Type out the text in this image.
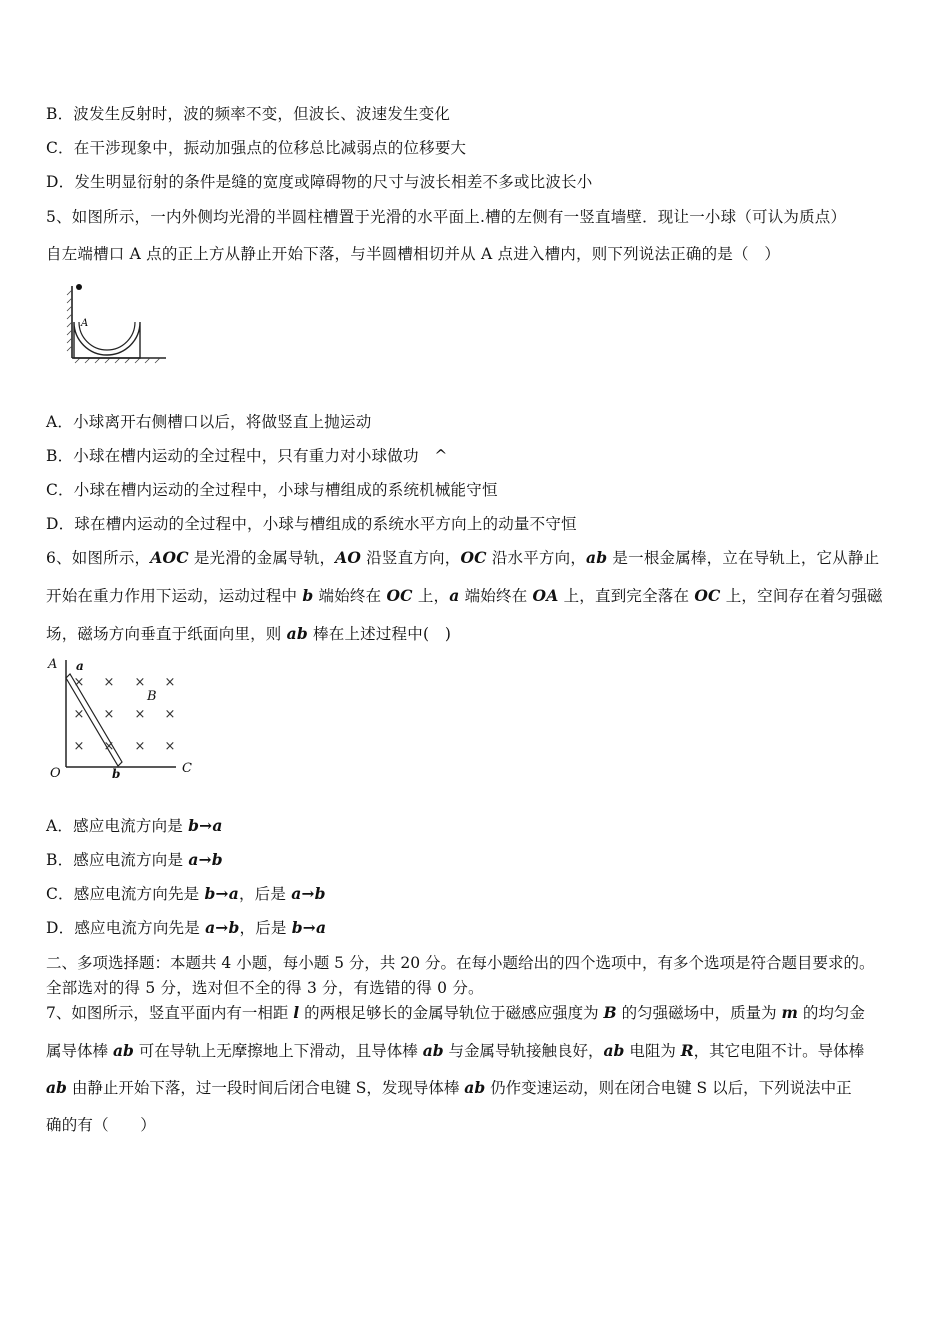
B．波发生反射时，波的频率不变，但波长、波速发生变化
C．在干涉现象中，振动加强点的位移总比减弱点的位移要大
D．发生明显衍射的条件是缝的宽度或障碍物的尺寸与波长相差不多或比波长小
5、如图所示，一内外侧均光滑的半圆柱槽置于光滑的水平面上.槽的左侧有一竖直墙壁．现让一小球（可认为质点）
自左端槽口 A 点的正上方从静止开始下落，与半圆槽相切并从 A 点进入槽内，则下列说法正确的是（　）
A
A．小球离开右侧槽口以后，将做竖直上抛运动
B．小球在槽内运动的全过程中，只有重力对小球做功　^
C．小球在槽内运动的全过程中，小球与槽组成的系统机械能守恒
D．球在槽内运动的全过程中，小球与槽组成的系统水平方向上的动量不守恒
6、如图所示，AOC 是光滑的金属导轨，AO 沿竖直方向，OC 沿水平方向，ab 是一根金属棒，立在导轨上，它从静止
开始在重力作用下运动，运动过程中 b 端始终在 OC 上，a 端始终在 OA 上，直到完全落在 OC 上，空间存在着匀强磁
场，磁场方向垂直于纸面向里，则 ab 棒在上述过程中(　)
A a
B
O	b	C
× × × ×
× × × ×
× × × ×
A．感应电流方向是 b→a
B．感应电流方向是 a→b
C．感应电流方向先是 b→a，后是 a→b
D．感应电流方向先是 a→b，后是 b→a
二、多项选择题：本题共 4 小题，每小题 5 分，共 20 分。在每小题给出的四个选项中，有多个选项是符合题目要求的。
全部选对的得 5 分，选对但不全的得 3 分，有选错的得 0 分。
7、如图所示，竖直平面内有一相距 l 的两根足够长的金属导轨位于磁感应强度为 B 的匀强磁场中，质量为 m 的均匀金
属导体棒 ab 可在导轨上无摩擦地上下滑动，且导体棒 ab 与金属导轨接触良好，ab 电阻为 R，其它电阻不计。导体棒
ab 由静止开始下落，过一段时间后闭合电键 S，发现导体棒 ab 仍作变速运动，则在闭合电键 S 以后，下列说法中正
确的有（　　）
